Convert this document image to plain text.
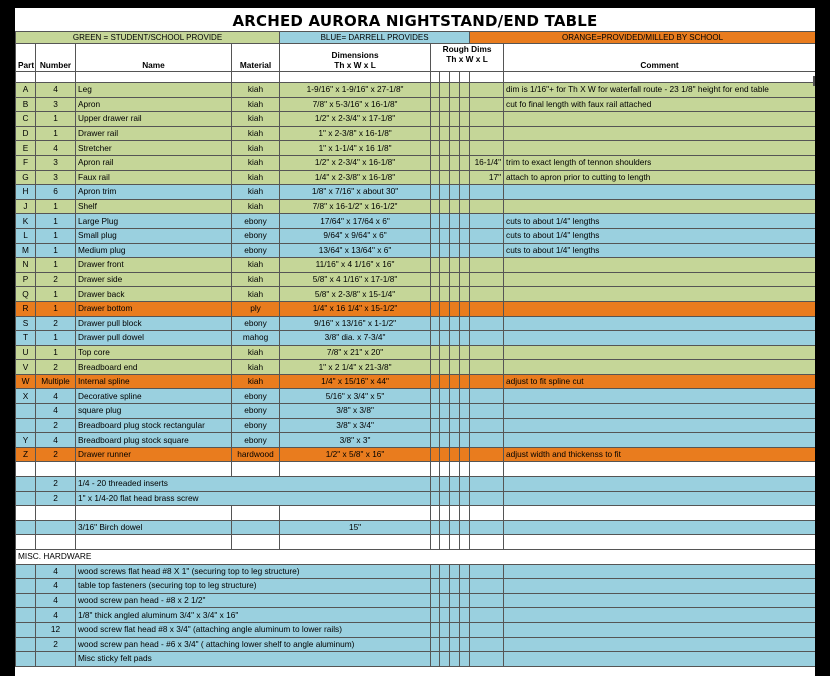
ARCHED AURORA NIGHTSTAND/END TABLE
GREEN = STUDENT/SCHOOL PROVIDE				BLUE= DARRELL PROVIDES					ORANGE=PROVIDED/MILLED BY SCHOOL	
Part	Number	Name	Material	Dimensions
Th x W x L	Rough Dims
Th x W x L					Comment

A	4	Leg	kiah	1-9/16" x 1-9/16" x 27-1/8"						dim is 1/16"+ for Th X W for waterfall route - 23 1/8" height for end table
B	3	Apron	kiah	7/8" x 5-3/16" x 16-1/8"						cut fo final length with faux rail attached
C	1	Upper drawer rail	kiah	1/2" x 2-3/4" x 17-1/8"						
D	1	Drawer rail	kiah	1" x 2-3/8" x 16-1/8"						
E	4	Stretcher	kiah	1" x 1-1/4" x 16 1/8"						
F	3	Apron rail	kiah	1/2" x 2-3/4" x 16-1/8"					16-1/4"	trim to exact length of tennon shoulders
G	3	Faux rail	kiah	1/4" x 2-3/8" x 16-1/8"					17"	attach to apron prior to cutting to length
H	6	Apron trim	kiah	1/8" x 7/16" x about 30"						
J	1	Shelf	kiah	7/8" x 16-1/2" x 16-1/2"						
K	1	Large Plug	ebony	17/64" x 17/64 x 6"						cuts to about 1/4" lengths
L	1	Small plug	ebony	9/64" x 9/64" x 6"						cuts to about 1/4" lengths
M	1	Medium plug	ebony	13/64" x 13/64" x 6"						cuts to about 1/4" lengths
N	1	Drawer front	kiah	11/16" x 4 1/16" x 16"						
P	2	Drawer side	kiah	5/8" x 4 1/16" x 17-1/8"						
Q	1	Drawer back	kiah	5/8" x 2-3/8" x 15-1/4"						
R	1	Drawer bottom	ply	1/4" x 16 1/4" x 15-1/2"						
S	2	Drawer pull block	ebony	9/16" x 13/16" x 1-1/2"						
T	1	Drawer pull dowel	mahog	3/8" dia. x 7-3/4"						
U	1	Top core	kiah	7/8" x 21" x 20"						
V	2	Breadboard end	kiah	1" x 2 1/4" x 21-3/8"						
W	Multiple	Internal spline	kiah	1/4" x 15/16" x 44"						adjust to fit spline cut
X	4	Decorative spline	ebony	5/16" x 3/4" x 5"						
	4	square plug	ebony	3/8" x 3/8"						
	2	Breadboard plug stock rectangular	ebony	3/8" x 3/4"						
Y	4	Breadboard plug stock square	ebony	3/8" x 3"						
Z	2	Drawer runner	hardwood	1/2" x 5/8" x 16"						adjust width and thickenss to fit

	2	1/4 - 20 threaded inserts								
	2	1" x 1/4-20 flat head brass screw								

		3/16" Birch dowel		15"						

MISC. HARDWARE										
	4	wood screws flat head #8 X 1" (securing top to leg structure)								
	4	table top fasteners (securing top to leg structure)								
	4	wood screw pan head - #8 x 2 1/2"								
	4	1/8" thick angled aluminum 3/4" x 3/4" x 16"								
	12	wood screw flat head #8 x 3/4" (attaching angle aluminum to lower rails)								
	2	wood screw pan head - #6 x 3/4" ( attaching lower shelf to angle aluminum)								
		Misc sticky felt pads								
